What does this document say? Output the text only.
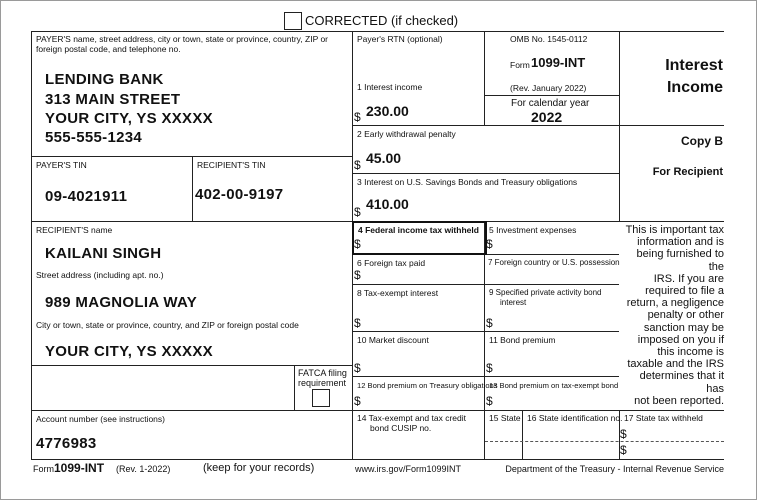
CORRECTED (if checked)
PAYER'S name, street address, city or town, state or province, country, ZIP or foreign postal code, and telephone no.
LENDING BANK
313 MAIN STREET
YOUR CITY, YS XXXXX
555-555-1234
PAYER'S TIN
09-4021911
RECIPIENT'S TIN
402-00-9197
RECIPIENT'S name
KAILANI SINGH
Street address (including apt. no.)
989 MAGNOLIA WAY
City or town, state or province, country, and ZIP or foreign postal code
YOUR CITY, YS XXXXX
FATCA filing
requirement
Account number (see instructions)
4776983
Payer's RTN (optional)
1 Interest income
$ 230.00
2 Early withdrawal penalty
$ 45.00
3 Interest on U.S. Savings Bonds and Treasury obligations
$ 410.00
4 Federal income tax withheld
$
5 Investment expenses
$
6 Foreign tax paid
$
7 Foreign country or U.S. possession
8 Tax-exempt interest
$
9 Specified private activity bond
interest
$
10 Market discount
$
11 Bond premium
$
12 Bond premium on Treasury obligations
$
13 Bond premium on tax-exempt bond
$
14 Tax-exempt and tax credit
bond CUSIP no.
15 State 16 State identification no. 17 State tax withheld
$
$
OMB No. 1545-0112
Form 1099-INT
(Rev. January 2022)
For calendar year
2022
Interest
Income
Copy B
For Recipient
This is important tax
information and is
being furnished to the
IRS. If you are
required to file a
return, a negligence
penalty or other
sanction may be
imposed on you if
this income is
taxable and the IRS
determines that it has
not been reported.
Form 1099-INT (Rev. 1-2022)	(keep for your records)	www.irs.gov/Form1099INT	Department of the Treasury - Internal Revenue Service
